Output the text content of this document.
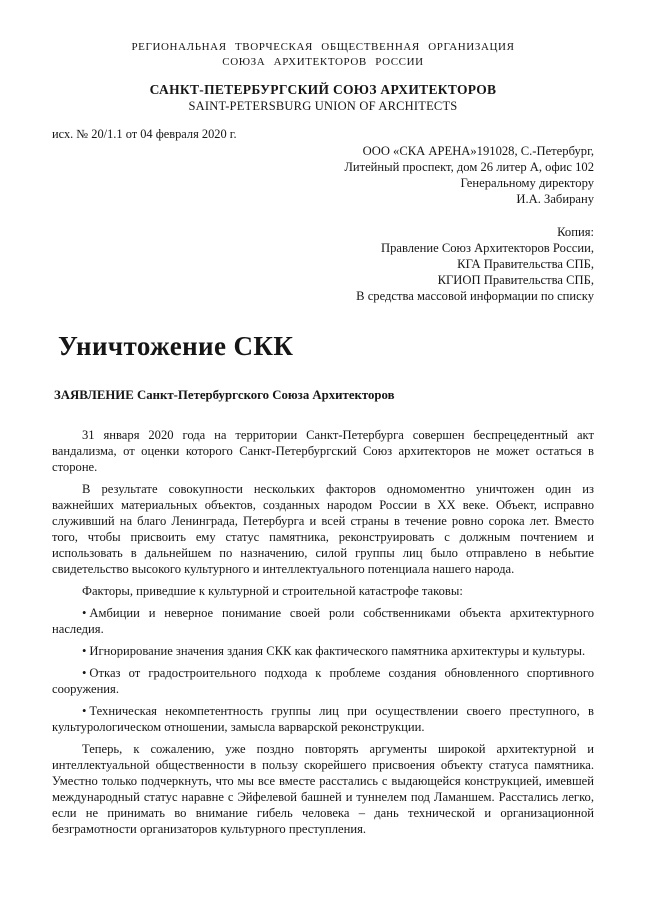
РЕГИОНАЛЬНАЯ ТВОРЧЕСКАЯ ОБЩЕСТВЕННАЯ ОРГАНИЗАЦИЯ
СОЮЗА АРХИТЕКТОРОВ РОССИИ
САНКТ-ПЕТЕРБУРГСКИЙ СОЮЗ АРХИТЕКТОРОВ
SAINT-PETERSBURG UNION OF ARCHITECTS
исх. № 20/1.1 от 04 февраля 2020 г.
ООО «СКА АРЕНА»191028, С.-Петербург,
Литейный проспект, дом 26 литер А, офис 102
Генеральному директору
И.А. Забирану
Копия:
Правление Союз Архитекторов России,
КГА Правительства СПБ,
КГИОП Правительства СПБ,
В средства массовой информации по списку
Уничтожение СКК
ЗАЯВЛЕНИЕ Санкт-Петербургского Союза Архитекторов

31 января 2020 года на территории Санкт-Петербурга совершен беспрецедентный акт вандализма, от оценки которого Санкт-Петербургский Союз архитекторов не может остаться в стороне.

В результате совокупности нескольких факторов одномоментно уничтожен один из важнейших материальных объектов, созданных народом России в ХХ веке. Объект, исправно служивший на благо Ленинграда, Петербурга и всей страны в течение ровно сорока лет. Вместо того, чтобы присвоить ему статус памятника, реконструировать с должным почтением и использовать в дальнейшем по назначению, силой группы лиц было отправлено в небытие свидетельство высокого культурного и интеллектуального потенциала нашего народа.

Факторы, приведшие к культурной и строительной катастрофе таковы:

• Амбиции и неверное понимание своей роли собственниками объекта архитектурного наследия.

• Игнорирование значения здания СКК как фактического памятника архитектуры и культуры.

• Отказ от градостроительного подхода к проблеме создания обновленного спортивного сооружения.

• Техническая некомпетентность группы лиц при осуществлении своего преступного, в культурологическом отношении, замысла варварской реконструкции.

Теперь, к сожалению, уже поздно повторять аргументы широкой архитектурной и интеллектуальной общественности в пользу скорейшего присвоения объекту статуса памятника. Уместно только подчеркнуть, что мы все вместе расстались с выдающейся конструкцией, имевшей международный статус наравне с Эйфелевой башней и туннелем под Ламаншем. Расстались легко, если не принимать во внимание гибель человека – дань технической и организационной безграмотности организаторов культурного преступления.
